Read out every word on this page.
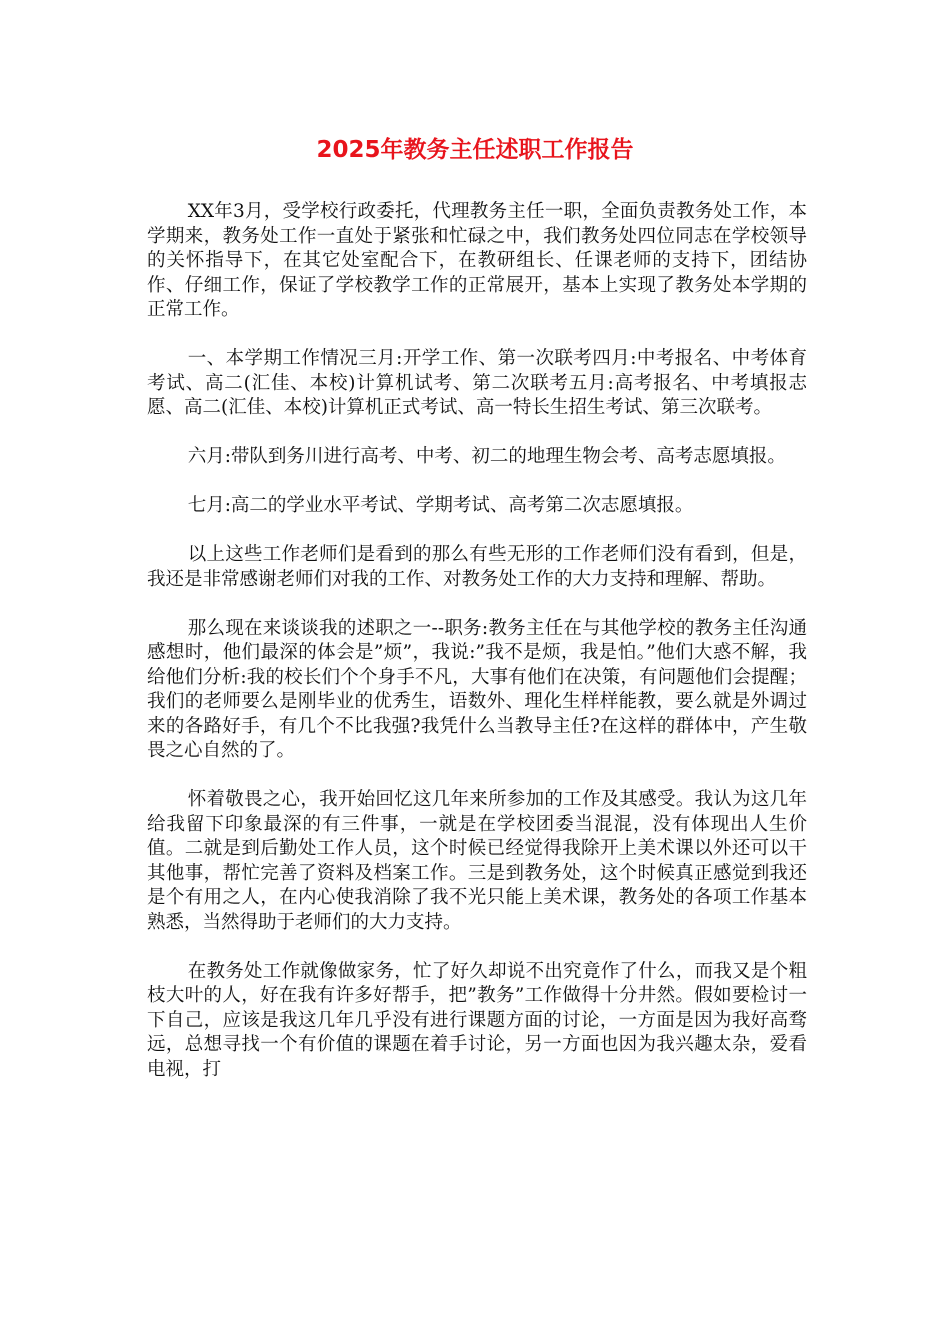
2025年教务主任述职工作报告

XX年3月，受学校行政委托，代理教务主任一职，全面负责教务处工作，本学期来，教务处工作一直处于紧张和忙碌之中，我们教务处四位同志在学校领导的关怀指导下，在其它处室配合下，在教研组长、任课老师的支持下，团结协作、仔细工作，保证了学校教学工作的正常展开，基本上实现了教务处本学期的正常工作。

一、本学期工作情况三月:开学工作、第一次联考四月:中考报名、中考体育考试、高二(汇佳、本校)计算机试考、第二次联考五月:高考报名、中考填报志愿、高二(汇佳、本校)计算机正式考试、高一特长生招生考试、第三次联考。

六月:带队到务川进行高考、中考、初二的地理生物会考、高考志愿填报。

七月:高二的学业水平考试、学期考试、高考第二次志愿填报。

以上这些工作老师们是看到的那么有些无形的工作老师们没有看到，但是，我还是非常感谢老师们对我的工作、对教务处工作的大力支持和理解、帮助。

那么现在来谈谈我的述职之一--职务:教务主任在与其他学校的教务主任沟通感想时，他们最深的体会是”烦”，我说:”我不是烦，我是怕。”他们大惑不解，我给他们分析:我的校长们个个身手不凡，大事有他们在决策，有问题他们会提醒；我们的老师要么是刚毕业的优秀生，语数外、理化生样样能教，要么就是外调过来的各路好手，有几个不比我强?我凭什么当教导主任?在这样的群体中，产生敬畏之心自然的了。

怀着敬畏之心，我开始回忆这几年来所参加的工作及其感受。我认为这几年给我留下印象最深的有三件事，一就是在学校团委当混混，没有体现出人生价值。二就是到后勤处工作人员，这个时候已经觉得我除开上美术课以外还可以干其他事，帮忙完善了资料及档案工作。三是到教务处，这个时候真正感觉到我还是个有用之人，在内心使我消除了我不光只能上美术课，教务处的各项工作基本熟悉，当然得助于老师们的大力支持。

在教务处工作就像做家务，忙了好久却说不出究竟作了什么，而我又是个粗枝大叶的人，好在我有许多好帮手，把”教务”工作做得十分井然。假如要检讨一下自己，应该是我这几年几乎没有进行课题方面的讨论，一方面是因为我好高骛远，总想寻找一个有价值的课题在着手讨论，另一方面也因为我兴趣太杂，爱看电视，打
